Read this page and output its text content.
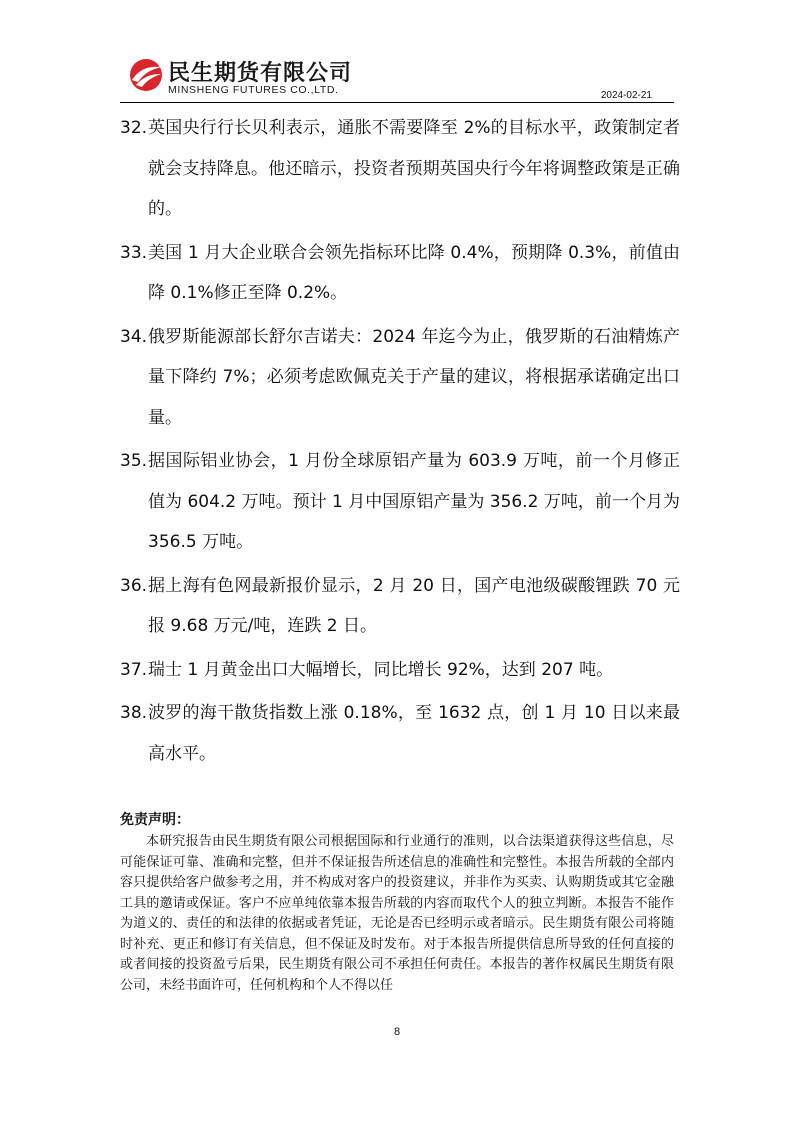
民生期货有限公司
MINSHENG FUTURES CO.,LTD.	2024-02-21
32. 英国央行行长贝利表示，通胀不需要降至 2%的目标水平，政策制定者就会支持降息。他还暗示，投资者预期英国央行今年将调整政策是正确的。
33. 美国 1 月大企业联合会领先指标环比降 0.4%，预期降 0.3%，前值由降 0.1%修正至降 0.2%。
34. 俄罗斯能源部长舒尔吉诺夫：2024 年迄今为止，俄罗斯的石油精炼产量下降约 7%；必须考虑欧佩克关于产量的建议，将根据承诺确定出口量。
35. 据国际铝业协会，1 月份全球原铝产量为 603.9 万吨，前一个月修正值为 604.2 万吨。预计 1 月中国原铝产量为 356.2 万吨，前一个月为 356.5 万吨。
36. 据上海有色网最新报价显示，2 月 20 日，国产电池级碳酸锂跌 70 元报 9.68 万元/吨，连跌 2 日。
37. 瑞士 1 月黄金出口大幅增长，同比增长 92%，达到 207 吨。
38. 波罗的海干散货指数上涨 0.18%，至 1632 点，创 1 月 10 日以来最高水平。
免责声明：
本研究报告由民生期货有限公司根据国际和行业通行的准则，以合法渠道获得这些信息，尽可能保证可靠、准确和完整，但并不保证报告所述信息的准确性和完整性。本报告所载的全部内容只提供给客户做参考之用，并不构成对客户的投资建议，并非作为买卖、认购期货或其它金融工具的邀请或保证。客户不应单纯依靠本报告所载的内容而取代个人的独立判断。本报告不能作为道义的、责任的和法律的依据或者凭证，无论是否已经明示或者暗示。民生期货有限公司将随时补充、更正和修订有关信息，但不保证及时发布。对于本报告所提供信息所导致的任何直接的或者间接的投资盈亏后果，民生期货有限公司不承担任何责任。本报告的著作权属民生期货有限公司，未经书面许可，任何机构和个人不得以任
8
